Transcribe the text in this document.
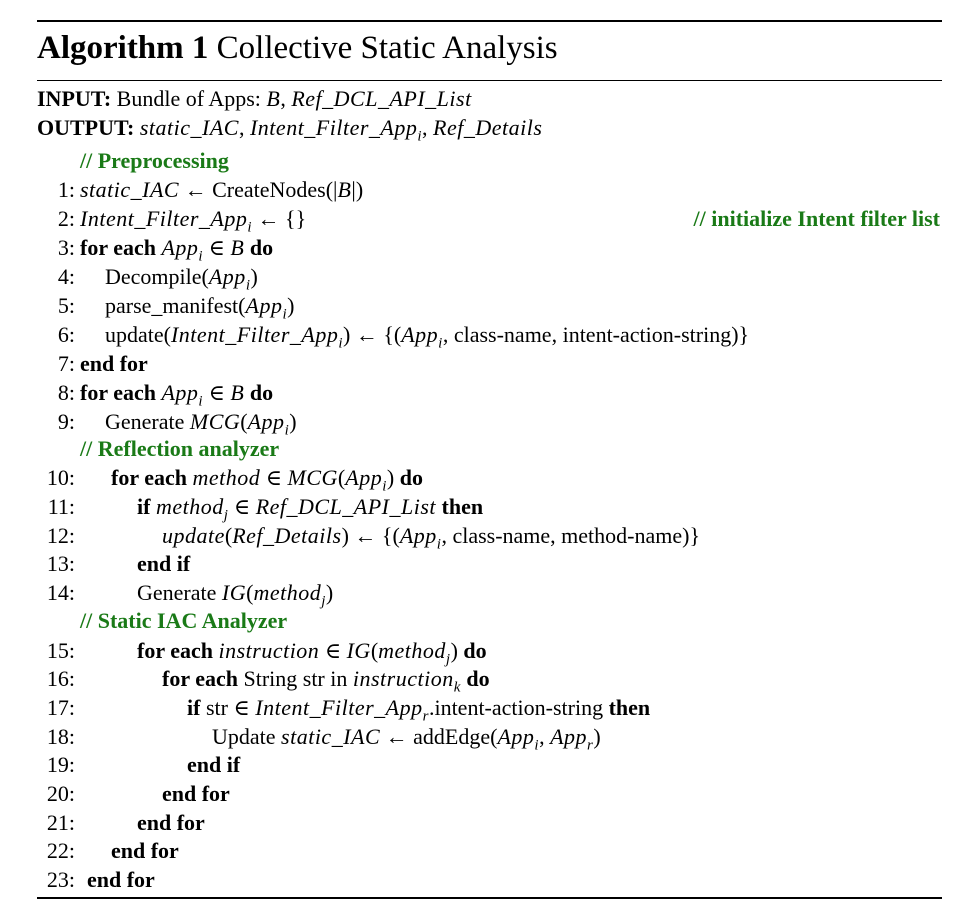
Algorithm 1 Collective Static Analysis
INPUT: Bundle of Apps: B, Ref_DCL_API_List
OUTPUT: static_IAC, Intent_Filter_App$_i$, Ref_Details
// Preprocessing
1: static_IAC ← CreateNodes(|B|)
2: Intent_Filter_App$_i$ ← {}	// initialize Intent filter list
3: for each App$_i$ ∈ B do
4: Decompile(App$_i$)
5: parse_manifest(App$_i$)
6: update(Intent_Filter_App$_i$) ← {(App$_i$, class-name, intent-action-string)}
7: end for
8: for each App$_i$ ∈ B do
9: Generate MCG(App$_i$)
// Reflection analyzer
10: for each method ∈ MCG(App$_i$) do
11:	if method$_j$ ∈ Ref_DCL_API_List then
12:	update(Ref_Details) ← {(App$_i$, class-name, method-name)}
13:	end if
14:	Generate IG(method$_j$)
// Static IAC Analyzer
15:	for each instruction ∈ IG(method$_j$) do
16:	for each String str in instruction$_k$ do
17:	if str ∈ Intent_Filter_App$_r$.intent-action-string then
18:	Update static_IAC ← addEdge(App$_i$, App$_r$)
19:	end if
20:	end for
21:	end for
22: end for
23: end for
